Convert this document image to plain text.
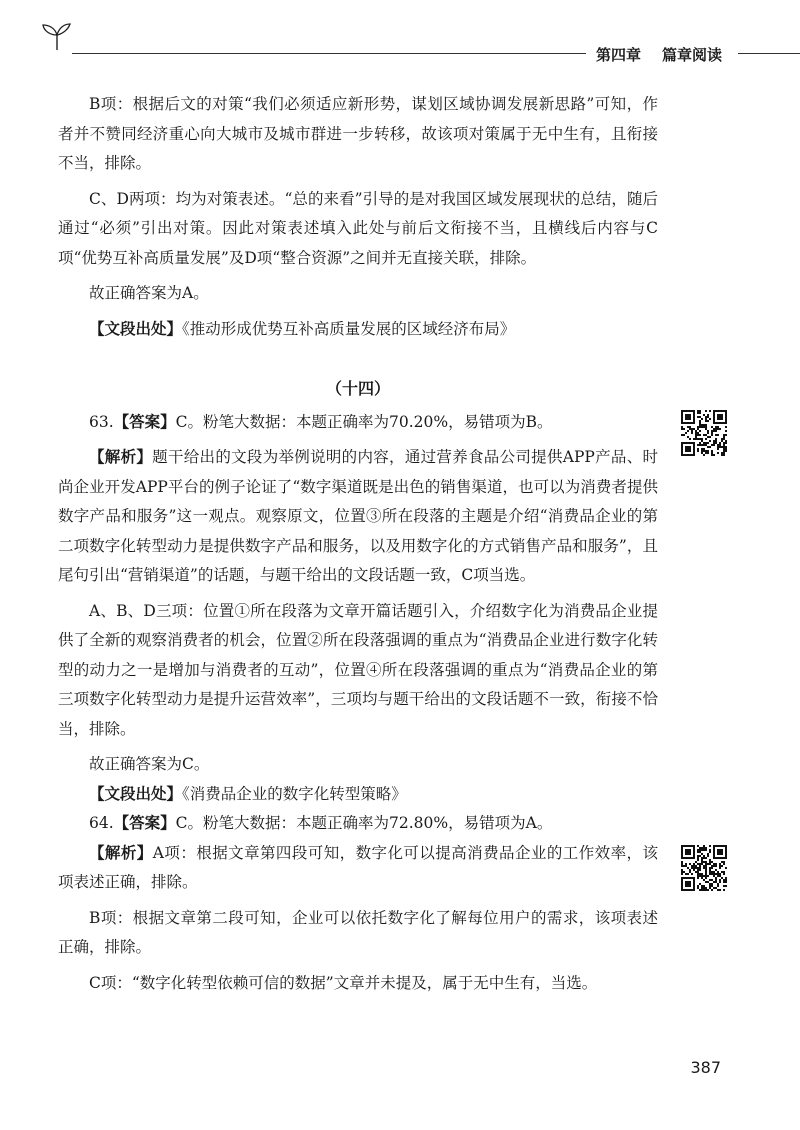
第四章 篇章阅读

B项：根据后文的对策“我们必须适应新形势，谋划区域协调发展新思路”可知，作者并不赞同经济重心向大城市及城市群进一步转移，故该项对策属于无中生有，且衔接不当，排除。

C、D两项：均为对策表述。“总的来看”引导的是对我国区域发展现状的总结，随后通过“必须”引出对策。因此对策表述填入此处与前后文衔接不当，且横线后内容与C项“优势互补高质量发展”及D项“整合资源”之间并无直接关联，排除。

故正确答案为A。

【文段出处】《推动形成优势互补高质量发展的区域经济布局》

（十四）

63.【答案】C。粉笔大数据：本题正确率为70.20%，易错项为B。

【解析】题干给出的文段为举例说明的内容，通过营养食品公司提供APP产品、时尚企业开发APP平台的例子论证了“数字渠道既是出色的销售渠道，也可以为消费者提供数字产品和服务”这一观点。观察原文，位置③所在段落的主题是介绍“消费品企业的第二项数字化转型动力是提供数字产品和服务，以及用数字化的方式销售产品和服务”，且尾句引出“营销渠道”的话题，与题干给出的文段话题一致，C项当选。

A、B、D三项：位置①所在段落为文章开篇话题引入，介绍数字化为消费品企业提供了全新的观察消费者的机会，位置②所在段落强调的重点为“消费品企业进行数字化转型的动力之一是增加与消费者的互动”，位置④所在段落强调的重点为“消费品企业的第三项数字化转型动力是提升运营效率”，三项均与题干给出的文段话题不一致，衔接不恰当，排除。

故正确答案为C。

【文段出处】《消费品企业的数字化转型策略》

64.【答案】C。粉笔大数据：本题正确率为72.80%，易错项为A。

【解析】A项：根据文章第四段可知，数字化可以提高消费品企业的工作效率，该项表述正确，排除。

B项：根据文章第二段可知，企业可以依托数字化了解每位用户的需求，该项表述正确，排除。

C项：“数字化转型依赖可信的数据”文章并未提及，属于无中生有，当选。

387
